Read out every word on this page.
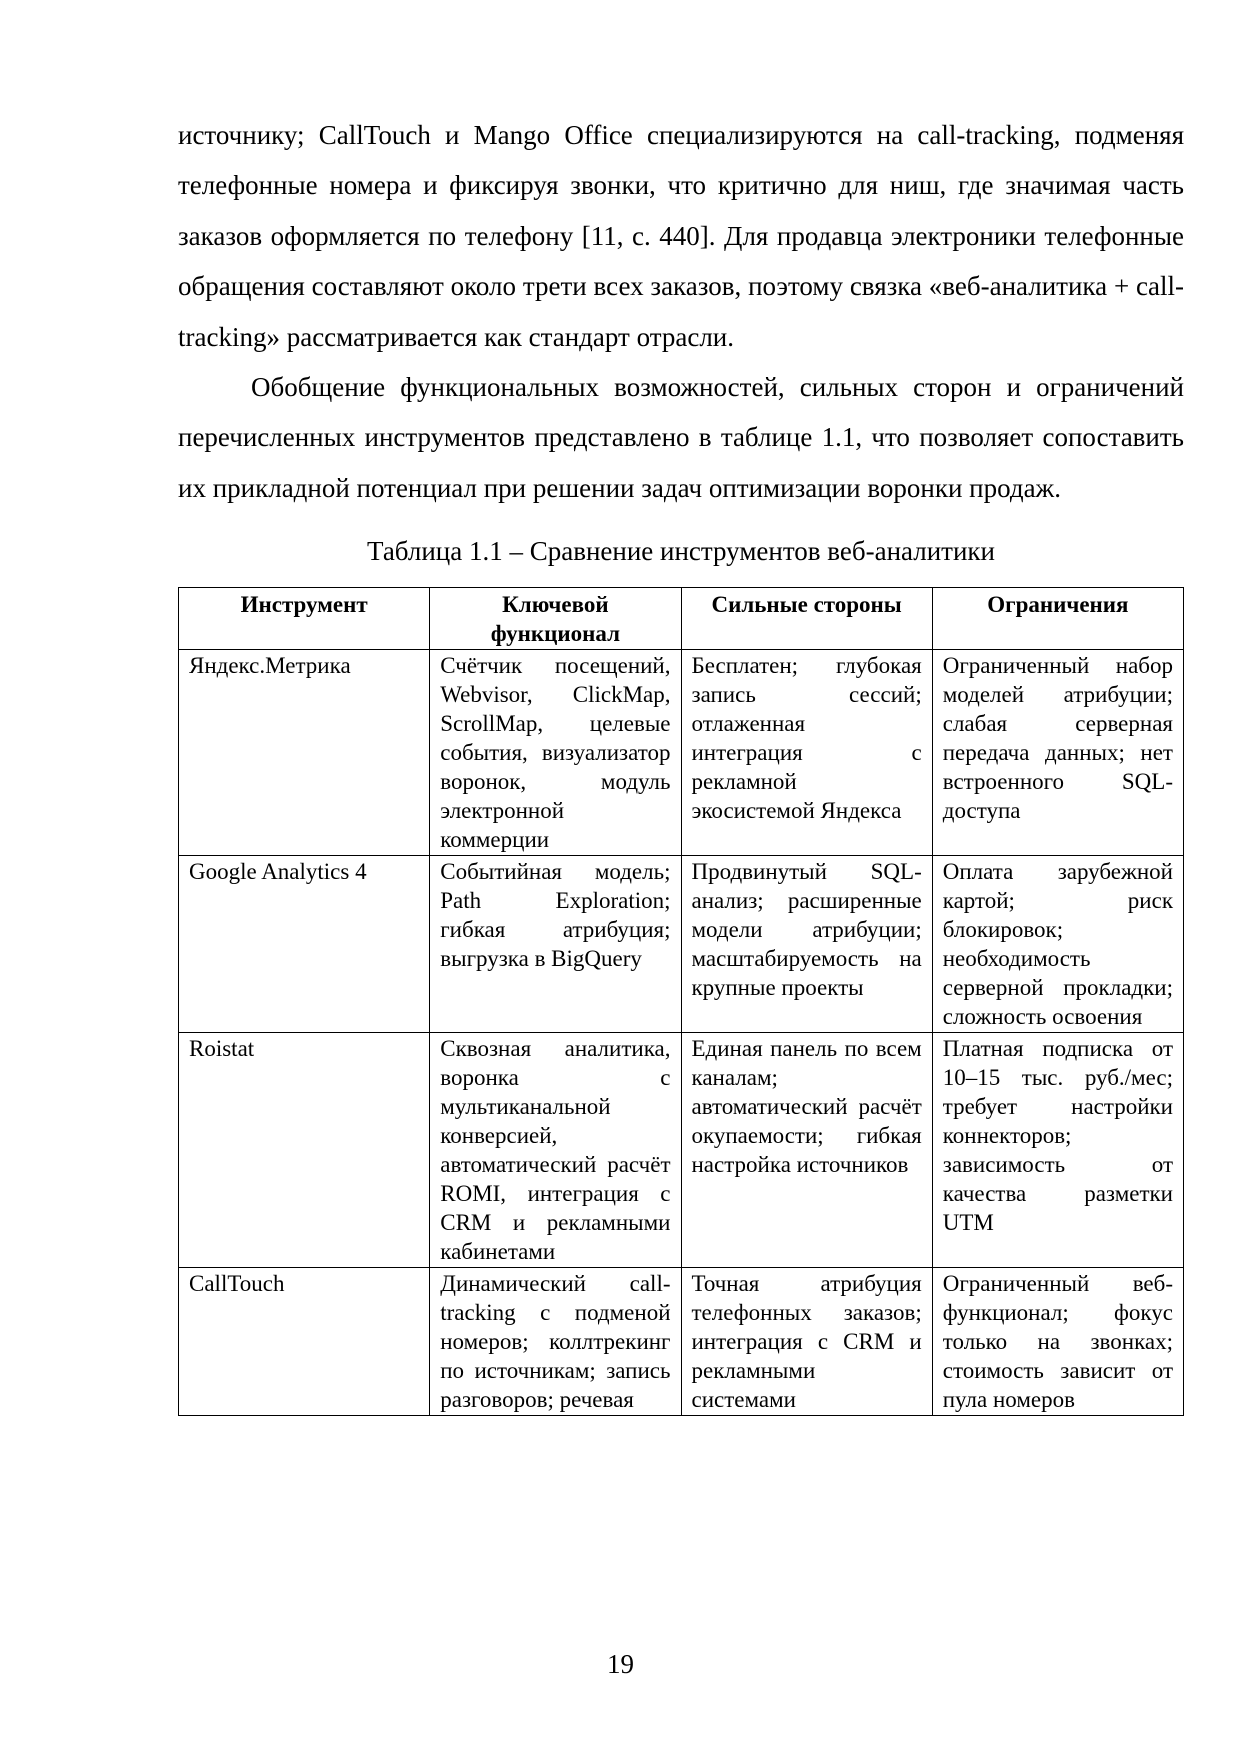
источнику; CallTouch и Mango Office специализируются на call-tracking, подменяя телефонные номера и фиксируя звонки, что критично для ниш, где значимая часть заказов оформляется по телефону [11, с. 440]. Для продавца электроники телефонные обращения составляют около трети всех заказов, поэтому связка «веб-аналитика + call-tracking» рассматривается как стандарт отрасли.

Обобщение функциональных возможностей, сильных сторон и ограничений перечисленных инструментов представлено в таблице 1.1, что позволяет сопоставить их прикладной потенциал при решении задач оптимизации воронки продаж.

Таблица 1.1 – Сравнение инструментов веб-аналитики
Инструмент	Ключевой функционал	Сильные стороны	Ограничения
Яндекс.Метрика	Счётчик посещений, Webvisor, ClickMap, ScrollMap, целевые события, визуализатор воронок, модуль электронной коммерции	Бесплатен; глубокая запись сессий; отлаженная интеграция с рекламной экосистемой Яндекса	Ограниченный набор моделей атрибуции; слабая серверная передача данных; нет встроенного SQL-доступа
Google Analytics 4	Событийная модель; Path Exploration; гибкая атрибуция; выгрузка в BigQuery	Продвинутый SQL-анализ; расширенные модели атрибуции; масштабируемость на крупные проекты	Оплата зарубежной картой; риск блокировок; необходимость серверной прокладки; сложность освоения
Roistat	Сквозная аналитика, воронка с мультиканальной конверсией, автоматический расчёт ROMI, интеграция с CRM и рекламными кабинетами	Единая панель по всем каналам; автоматический расчёт окупаемости; гибкая настройка источников	Платная подписка от 10–15 тыс. руб./мес; требует настройки коннекторов; зависимость от качества разметки UTM
CallTouch	Динамический call-tracking с подменой номеров; коллтрекинг по источникам; запись разговоров; речевая	Точная атрибуция телефонных заказов; интеграция с CRM и рекламными системами	Ограниченный веб-функционал; фокус только на звонках; стоимость зависит от пула номеров
19
